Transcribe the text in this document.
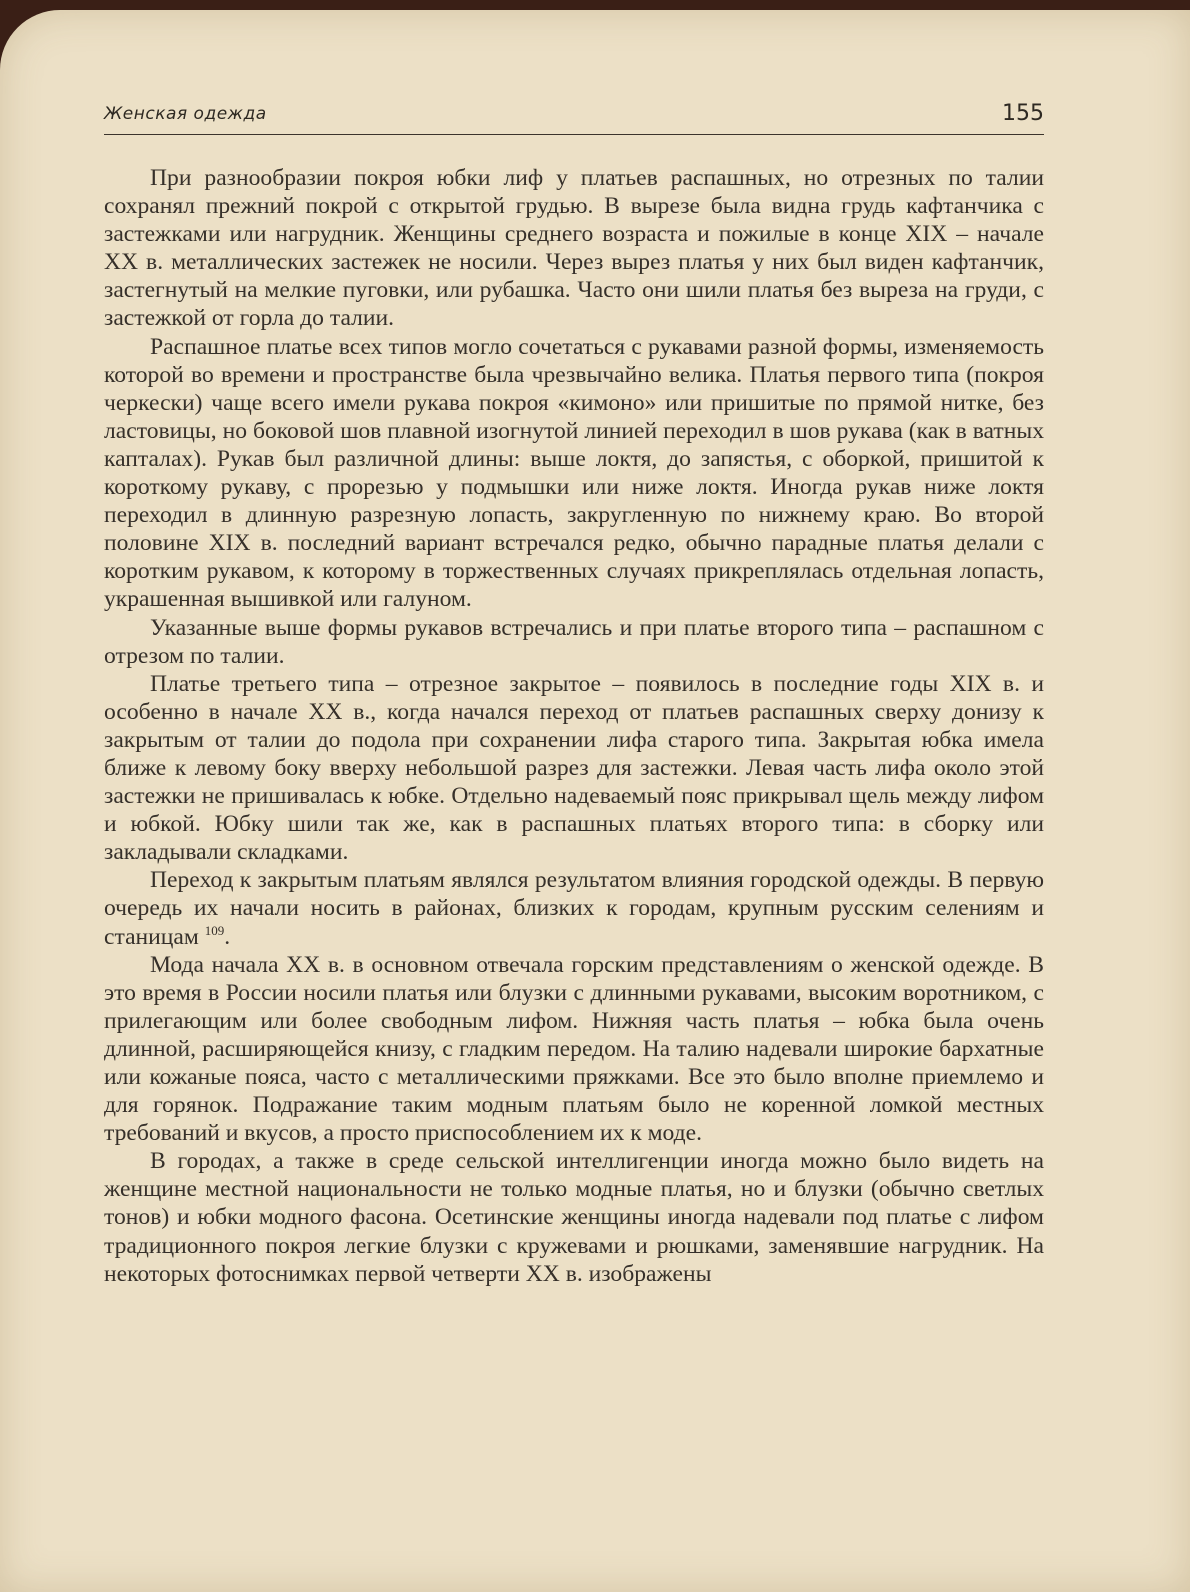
Женская одежда	155

При разнообразии покроя юбки лиф у платьев распашных, но отрезных по талии сохранял прежний покрой с открытой грудью. В вырезе была видна грудь кафтанчика с застежками или нагрудник. Женщины среднего возраста и пожилые в конце XIX – начале XX в. металлических застежек не носили. Через вырез платья у них был виден кафтанчик, застегнутый на мелкие пуговки, или рубашка. Часто они шили платья без выреза на груди, с застежкой от горла до талии.

Распашное платье всех типов могло сочетаться с рукавами разной формы, изменяемость которой во времени и пространстве была чрезвычайно велика. Платья первого типа (покроя черкески) чаще всего имели рукава покроя «кимоно» или пришитые по прямой нитке, без ластовицы, но боковой шов плавной изогнутой линией переходил в шов рукава (как в ватных капталах). Рукав был различной длины: выше локтя, до запястья, с оборкой, пришитой к короткому рукаву, с прорезью у подмышки или ниже локтя. Иногда рукав ниже локтя переходил в длинную разрезную лопасть, закругленную по нижнему краю. Во второй половине XIX в. последний вариант встречался редко, обычно парадные платья делали с коротким рукавом, к которому в торжественных случаях прикреплялась отдельная лопасть, украшенная вышивкой или галуном.

Указанные выше формы рукавов встречались и при платье второго типа – распашном с отрезом по талии.

Платье третьего типа – отрезное закрытое – появилось в последние годы XIX в. и особенно в начале XX в., когда начался переход от платьев распашных сверху донизу к закрытым от талии до подола при сохранении лифа старого типа. Закрытая юбка имела ближе к левому боку вверху небольшой разрез для застежки. Левая часть лифа около этой застежки не пришивалась к юбке. Отдельно надеваемый пояс прикрывал щель между лифом и юбкой. Юбку шили так же, как в распашных платьях второго типа: в сборку или закладывали складками.

Переход к закрытым платьям являлся результатом влияния городской одежды. В первую очередь их начали носить в районах, близких к городам, крупным русским селениям и станицам $^{109}$.

Мода начала XX в. в основном отвечала горским представлениям о женской одежде. В это время в России носили платья или блузки с длинными рукавами, высоким воротником, с прилегающим или более свободным лифом. Нижняя часть платья – юбка была очень длинной, расширяющейся книзу, с гладким передом. На талию надевали широкие бархатные или кожаные пояса, часто с металлическими пряжками. Все это было вполне приемлемо и для горянок. Подражание таким модным платьям было не коренной ломкой местных требований и вкусов, а просто приспособлением их к моде.

В городах, а также в среде сельской интеллигенции иногда можно было видеть на женщине местной национальности не только модные платья, но и блузки (обычно светлых тонов) и юбки модного фасона. Осетинские женщины иногда надевали под платье с лифом традиционного покроя легкие блузки с кружевами и рюшками, заменявшие нагрудник. На некоторых фотоснимках первой четверти XX в. изображены
